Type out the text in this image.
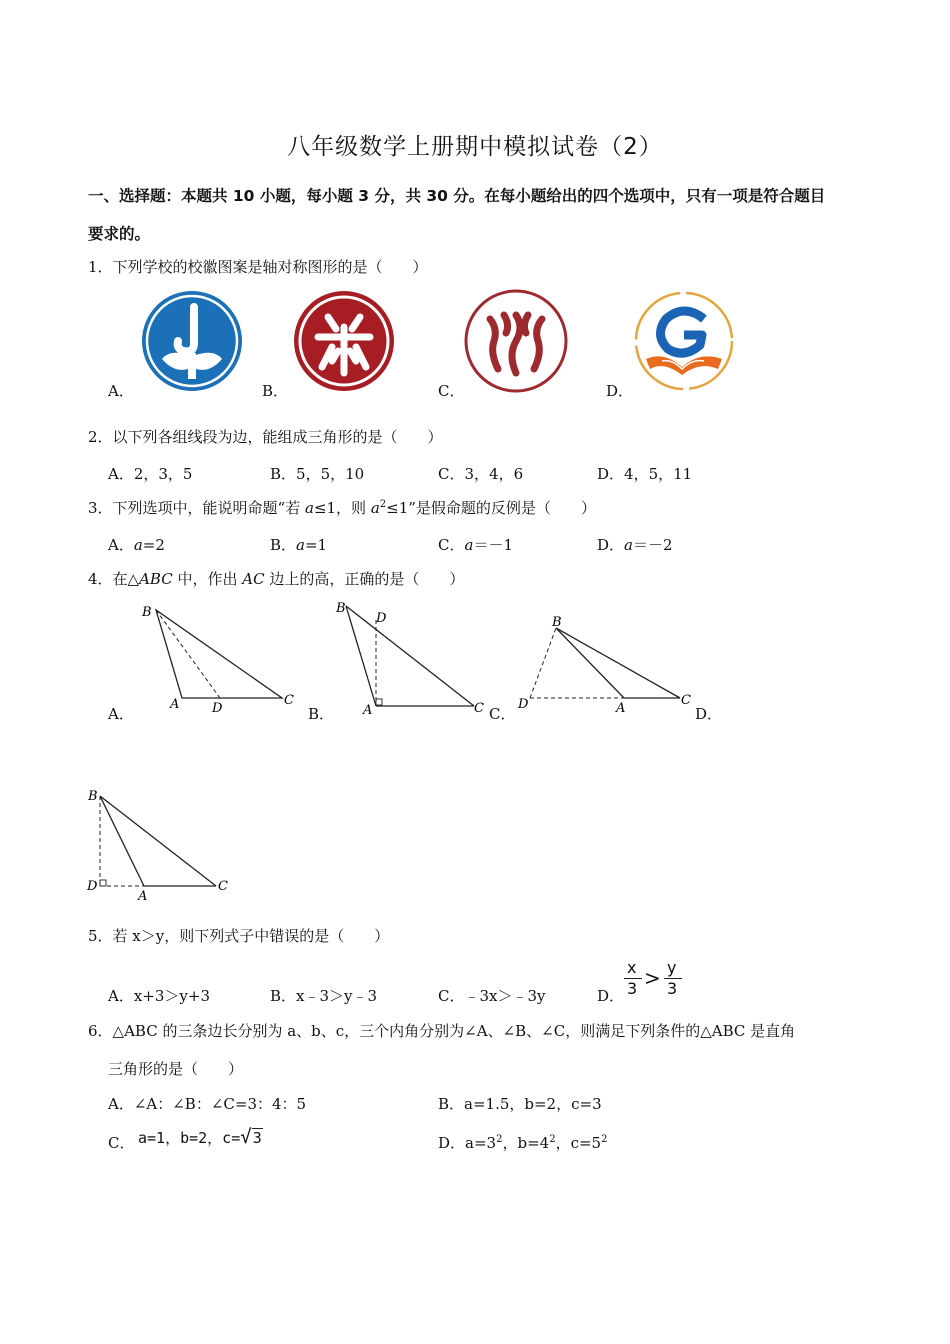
八年级数学上册期中模拟试卷（2）
一、选择题：本题共 10 小题，每小题 3 分，共 30 分。在每小题给出的四个选项中，只有一项是符合题目
要求的。
1．下列学校的校徽图案是轴对称图形的是（　　）
A．	B．	C．	D．
2．以下列各组线段为边，能组成三角形的是（　　）
A．2，3，5	B．5，5，10	C．3，4，6	D．4，5，11
3．下列选项中，能说明命题“若 a≤1，则 $a^2\le 1$”是假命题的反例是（　　）
A．a=2	B．a=1	C．a＝－1	D．a＝－2
4．在△ABC 中，作出 AC 边上的高，正确的是（　　）
A．	B．	C．	D．
B
A	D
C
B
D
A	C
B
D	A
C
B
D
A
C
5．若 x＞y，则下列式子中错误的是（　　）
A．x+3＞y+3	B．x﹣3＞y﹣3	C．﹣3x＞﹣3y	D．
x
3 > y
3
6．△ABC 的三条边长分别为 a、b、c，三个内角分别为∠A、∠B、∠C，则满足下列条件的△ABC 是直角
三角形的是（　　）
A．∠A：∠B：∠C=3：4：5	B．a=1.5，b=2，c=3
C． a=1，b=2，c=√3	D．$a=3^2$，$b=4^2$，$c=5^2$
